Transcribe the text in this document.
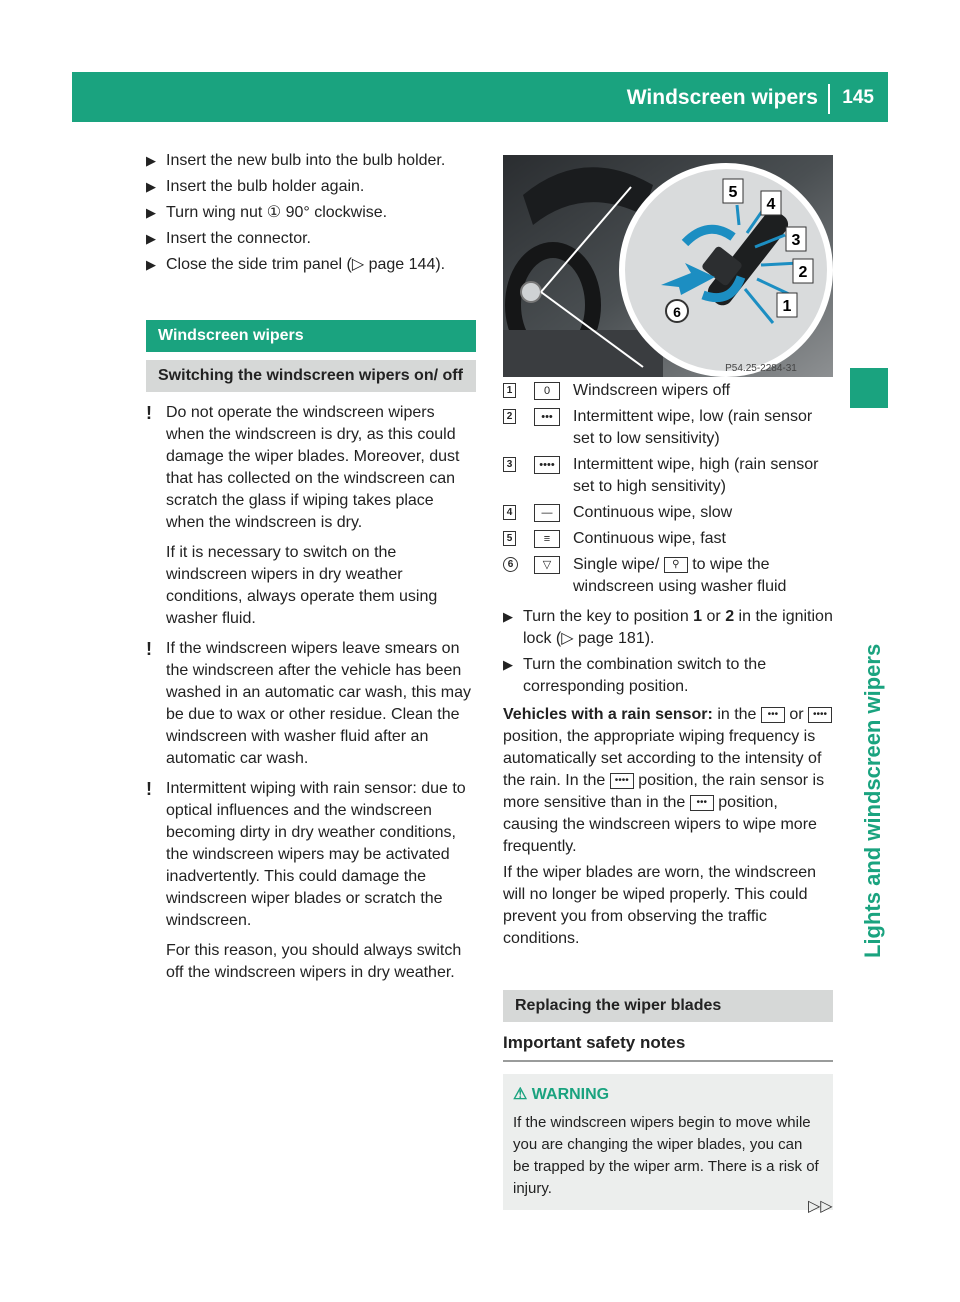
Windscreen wipers 145
Lights and windscreen wipers
▶ Insert the new bulb into the bulb holder.
▶ Insert the bulb holder again.
▶ Turn wing nut ① 90° clockwise.
▶ Insert the connector.
▶ Close the side trim panel (▷ page 144).
Windscreen wipers
Switching the windscreen wipers on/ off
! Do not operate the windscreen wipers when the windscreen is dry, as this could damage the wiper blades. Moreover, dust that has collected on the windscreen can scratch the glass if wiping takes place when the windscreen is dry.

If it is necessary to switch on the windscreen wipers in dry weather conditions, always operate them using washer fluid.

! If the windscreen wipers leave smears on the windscreen after the vehicle has been washed in an automatic car wash, this may be due to wax or other residue. Clean the windscreen with washer fluid after an automatic car wash.

! Intermittent wiping with rain sensor: due to optical influences and the windscreen becoming dirty in dry weather conditions, the windscreen wipers may be activated inadvertently. This could damage the windscreen wiper blades or scratch the windscreen.

For this reason, you should always switch off the windscreen wipers in dry weather.

5
4
3
2
1
6
P54.25-2284-31
1	0	Windscreen wipers off
2	•••	Intermittent wipe, low (rain sensor set to low sensitivity)
3	••••	Intermittent wipe, high (rain sensor set to high sensitivity)
4	—	Continuous wipe, slow
5	≡	Continuous wipe, fast
6	▽	Single wipe/ ⚲ to wipe the windscreen using washer fluid
▶ Turn the key to position 1 or 2 in the ignition lock (▷ page 181).
▶ Turn the combination switch to the corresponding position.

Vehicles with a rain sensor: in the ••• or •••• position, the appropriate wiping frequency is automatically set according to the intensity of the rain. In the •••• position, the rain sensor is more sensitive than in the ••• position, causing the windscreen wipers to wipe more frequently.

If the wiper blades are worn, the windscreen will no longer be wiped properly. This could prevent you from observing the traffic conditions.

Replacing the wiper blades
Important safety notes
⚠ WARNING
If the windscreen wipers begin to move while you are changing the wiper blades, you can be trapped by the wiper arm. There is a risk of injury.
▷▷
